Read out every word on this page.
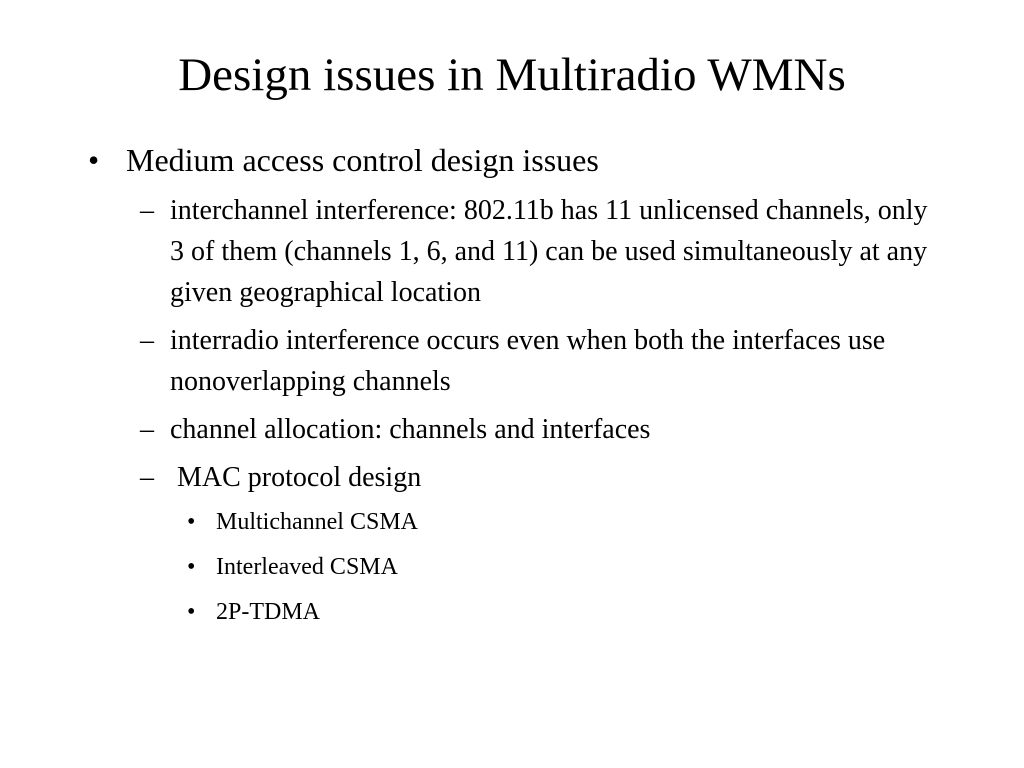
Design issues in Multiradio WMNs
• Medium access control design issues
– interchannel interference: 802.11b has 11 unlicensed channels, only 3 of them (channels 1, 6, and 11) can be used simultaneously at any given geographical location
– interradio interference occurs even when both the interfaces use nonoverlapping channels
– channel allocation: channels and interfaces
– MAC protocol design
• Multichannel CSMA
• Interleaved CSMA
• 2P-TDMA
